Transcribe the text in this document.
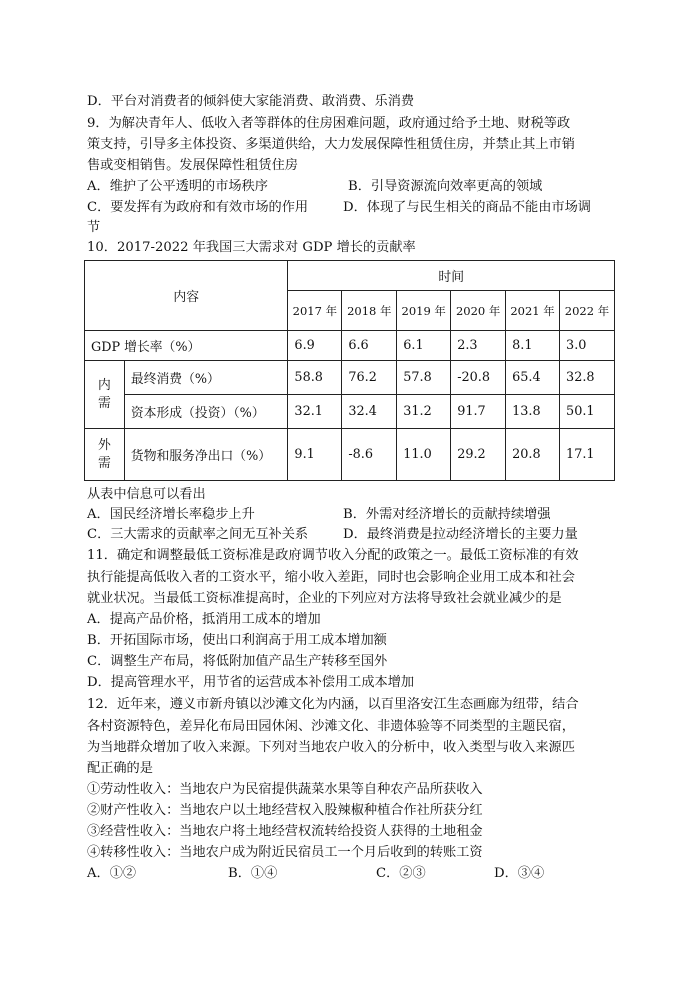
D．平台对消费者的倾斜使大家能消费、敢消费、乐消费
9．为解决青年人、低收入者等群体的住房困难问题，政府通过给予土地、财税等政
策支持，引导多主体投资、多渠道供给，大力发展保障性租赁住房，并禁止其上市销
售或变相销售。发展保障性租赁住房
A．维护了公平透明的市场秩序	B．引导资源流向效率更高的领域
C．要发挥有为政府和有效市场的作用	D．体现了与民生相关的商品不能由市场调
节
10．2017-2022 年我国三大需求对 GDP 增长的贡献率
内容		时间					
		2017 年	2018 年	2019 年	2020 年	2021 年	2022 年
GDP 增长率（%）		6.9	6.6	6.1	2.3	8.1	3.0
内需	最终消费（%）	58.8	76.2	57.8	-20.8	65.4	32.8
	资本形成（投资）（%）	32.1	32.4	31.2	91.7	13.8	50.1
外需	货物和服务净出口（%）	9.1	-8.6	11.0	29.2	20.8	17.1
从表中信息可以看出
A．国民经济增长率稳步上升	B．外需对经济增长的贡献持续增强
C．三大需求的贡献率之间无互补关系	D．最终消费是拉动经济增长的主要力量
11．确定和调整最低工资标准是政府调节收入分配的政策之一。最低工资标准的有效
执行能提高低收入者的工资水平，缩小收入差距，同时也会影响企业用工成本和社会
就业状况。当最低工资标准提高时，企业的下列应对方法将导致社会就业减少的是
A．提高产品价格，抵消用工成本的增加
B．开拓国际市场，使出口利润高于用工成本增加额
C．调整生产布局，将低附加值产品生产转移至国外
D．提高管理水平，用节省的运营成本补偿用工成本增加
12．近年来，遵义市新舟镇以沙滩文化为内涵，以百里洛安江生态画廊为纽带，结合
各村资源特色，差异化布局田园休闲、沙滩文化、非遗体验等不同类型的主题民宿，
为当地群众增加了收入来源。下列对当地农户收入的分析中，收入类型与收入来源匹
配正确的是
①劳动性收入：当地农户为民宿提供蔬菜水果等自种农产品所获收入
②财产性收入：当地农户以土地经营权入股辣椒种植合作社所获分红
③经营性收入：当地农户将土地经营权流转给投资人获得的土地租金
④转移性收入：当地农户成为附近民宿员工一个月后收到的转账工资
A．①②	B．①④	C．②③	D．③④
